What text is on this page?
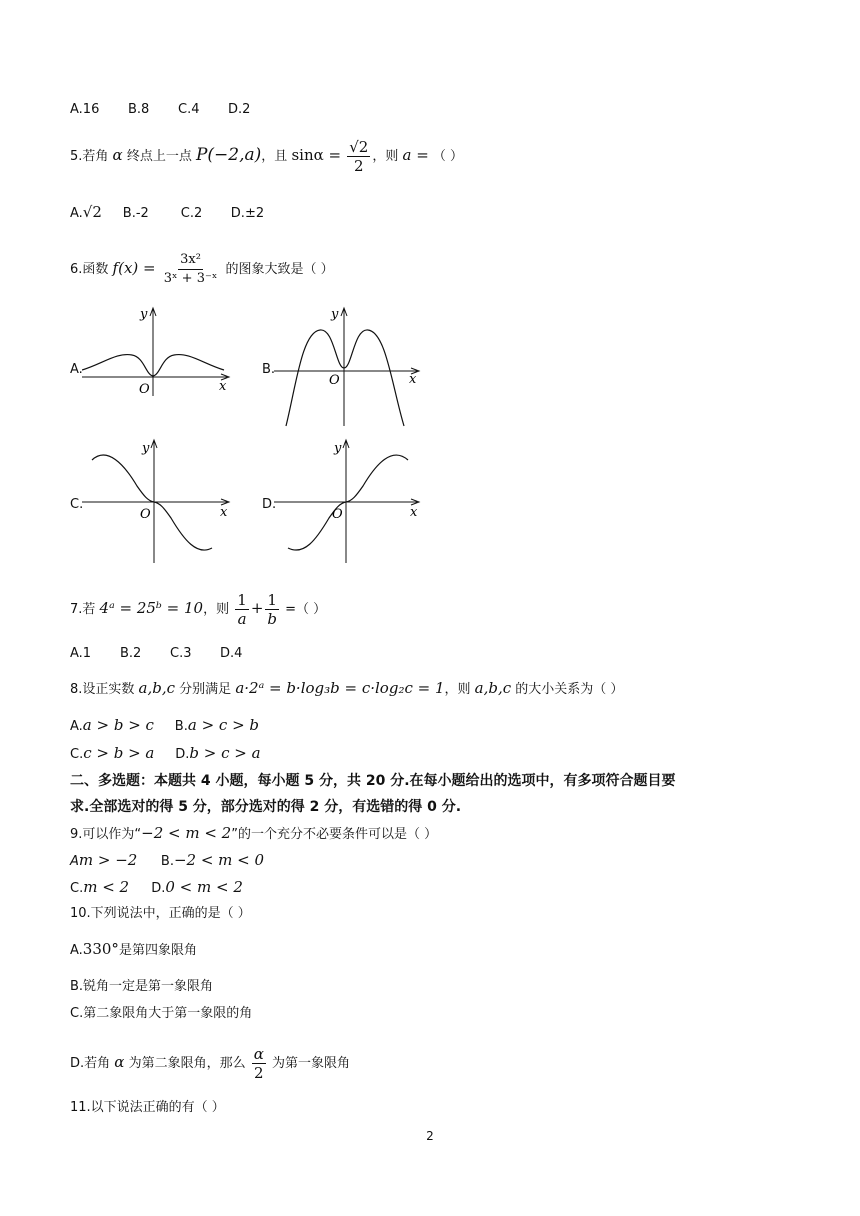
A.16 B.8 C.4 D.2
5.若角 α 终点上一点 P(−2,a)，且 $\sin\alpha = \frac{√2}{2}$ ，则 a = （ ）
A.√2 B.-2 C.2 D.±2
6.函数 $f(x) = \frac{\text{3x²}}{\text{3ˣ + 3⁻ˣ}}$ 的图象大致是（ ）
A.
y
x
O
B.
y
x
O
C.
y
x
O
D.
y
x
O
7.若 4ᵃ = 25ᵇ = 10，则 $\frac{1}{a} + \frac{1}{b}$ =（ ）
A.1 B.2 C.3 D.4
8.设正实数 a,b,c 分别满足 a·2ᵃ = b·log₃b = c·log₂c = 1，则 a,b,c 的大小关系为（ ）
A.a > b > c B.a > c > b
C.c > b > a D.b > c > a
二、多选题：本题共 4 小题，每小题 5 分，共 20 分.在每小题给出的选项中，有多项符合题目要
求.全部选对的得 5 分，部分选对的得 2 分，有选错的得 0 分.
9.可以作为“−2 < m < 2”的一个充分不必要条件可以是（ ）
Am > −2 B.−2 < m < 0
C.m < 2 D.0 < m < 2
10.下列说法中，正确的是（ ）
A.330°是第四象限角
B.锐角一定是第一象限角
C.第二象限角大于第一象限的角
D.若角 α 为第二象限角，那么 $\frac{\alpha}{2}$ 为第一象限角
11.以下说法正确的有（ ）
2
